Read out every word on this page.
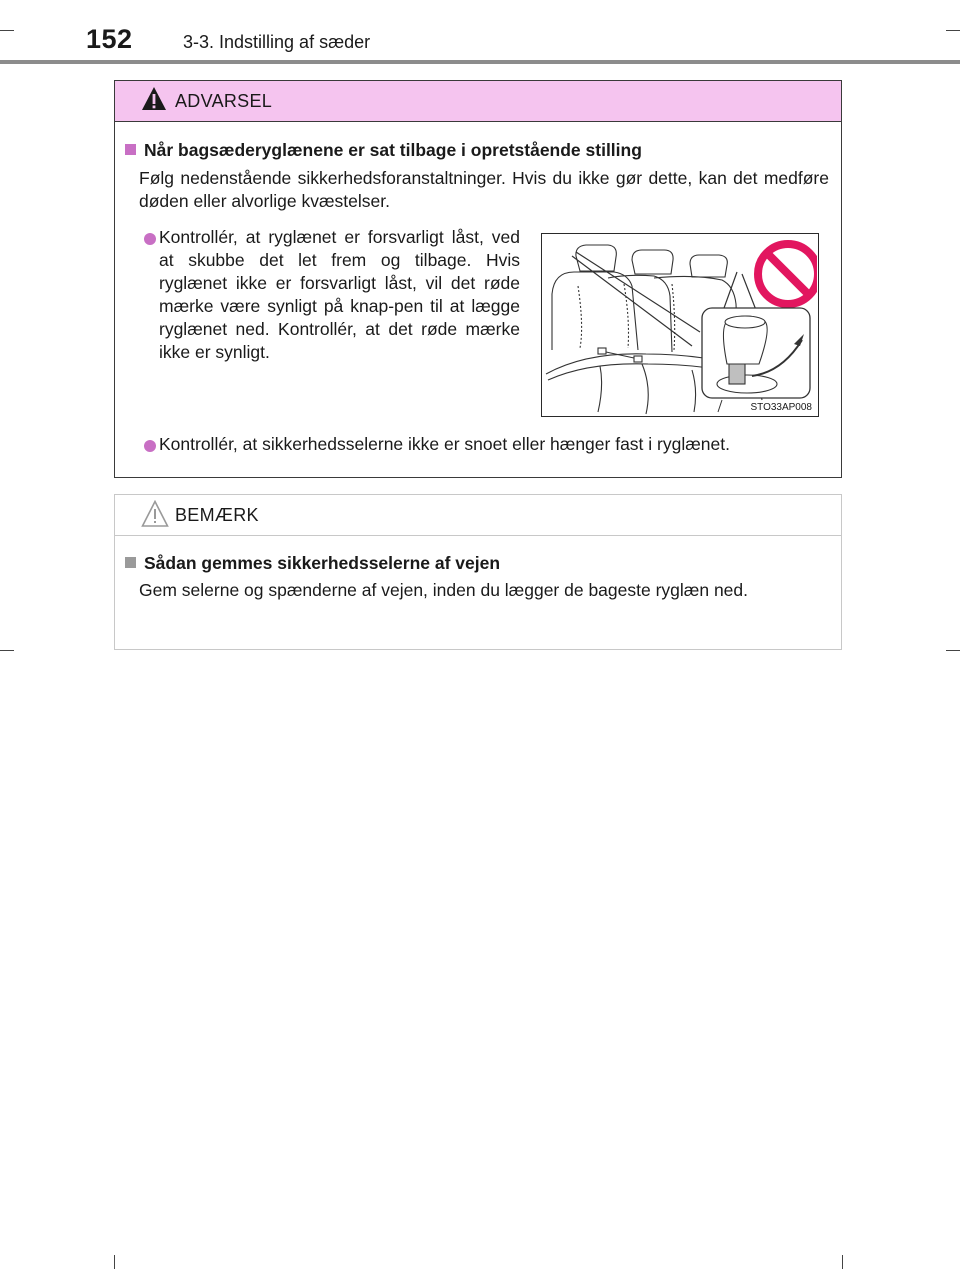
152	3-3. Indstilling af sæder
ADVARSEL
Når bagsæderyglænene er sat tilbage i opretstående stilling
Følg nedenstående sikkerhedsforanstaltninger. Hvis du ikke gør dette, kan det medføre døden eller alvorlige kvæstelser.
Kontrollér, at ryglænet er forsvarligt låst, ved at skubbe det let frem og tilbage. Hvis ryglænet ikke er forsvarligt låst, vil det røde mærke være synligt på knap-pen til at lægge ryglænet ned. Kontrollér, at det røde mærke ikke er synligt.
STO33AP008
Kontrollér, at sikkerhedsselerne ikke er snoet eller hænger fast i ryglænet.
BEMÆRK
Sådan gemmes sikkerhedsselerne af vejen
Gem selerne og spænderne af vejen, inden du lægger de bageste ryglæn ned.
